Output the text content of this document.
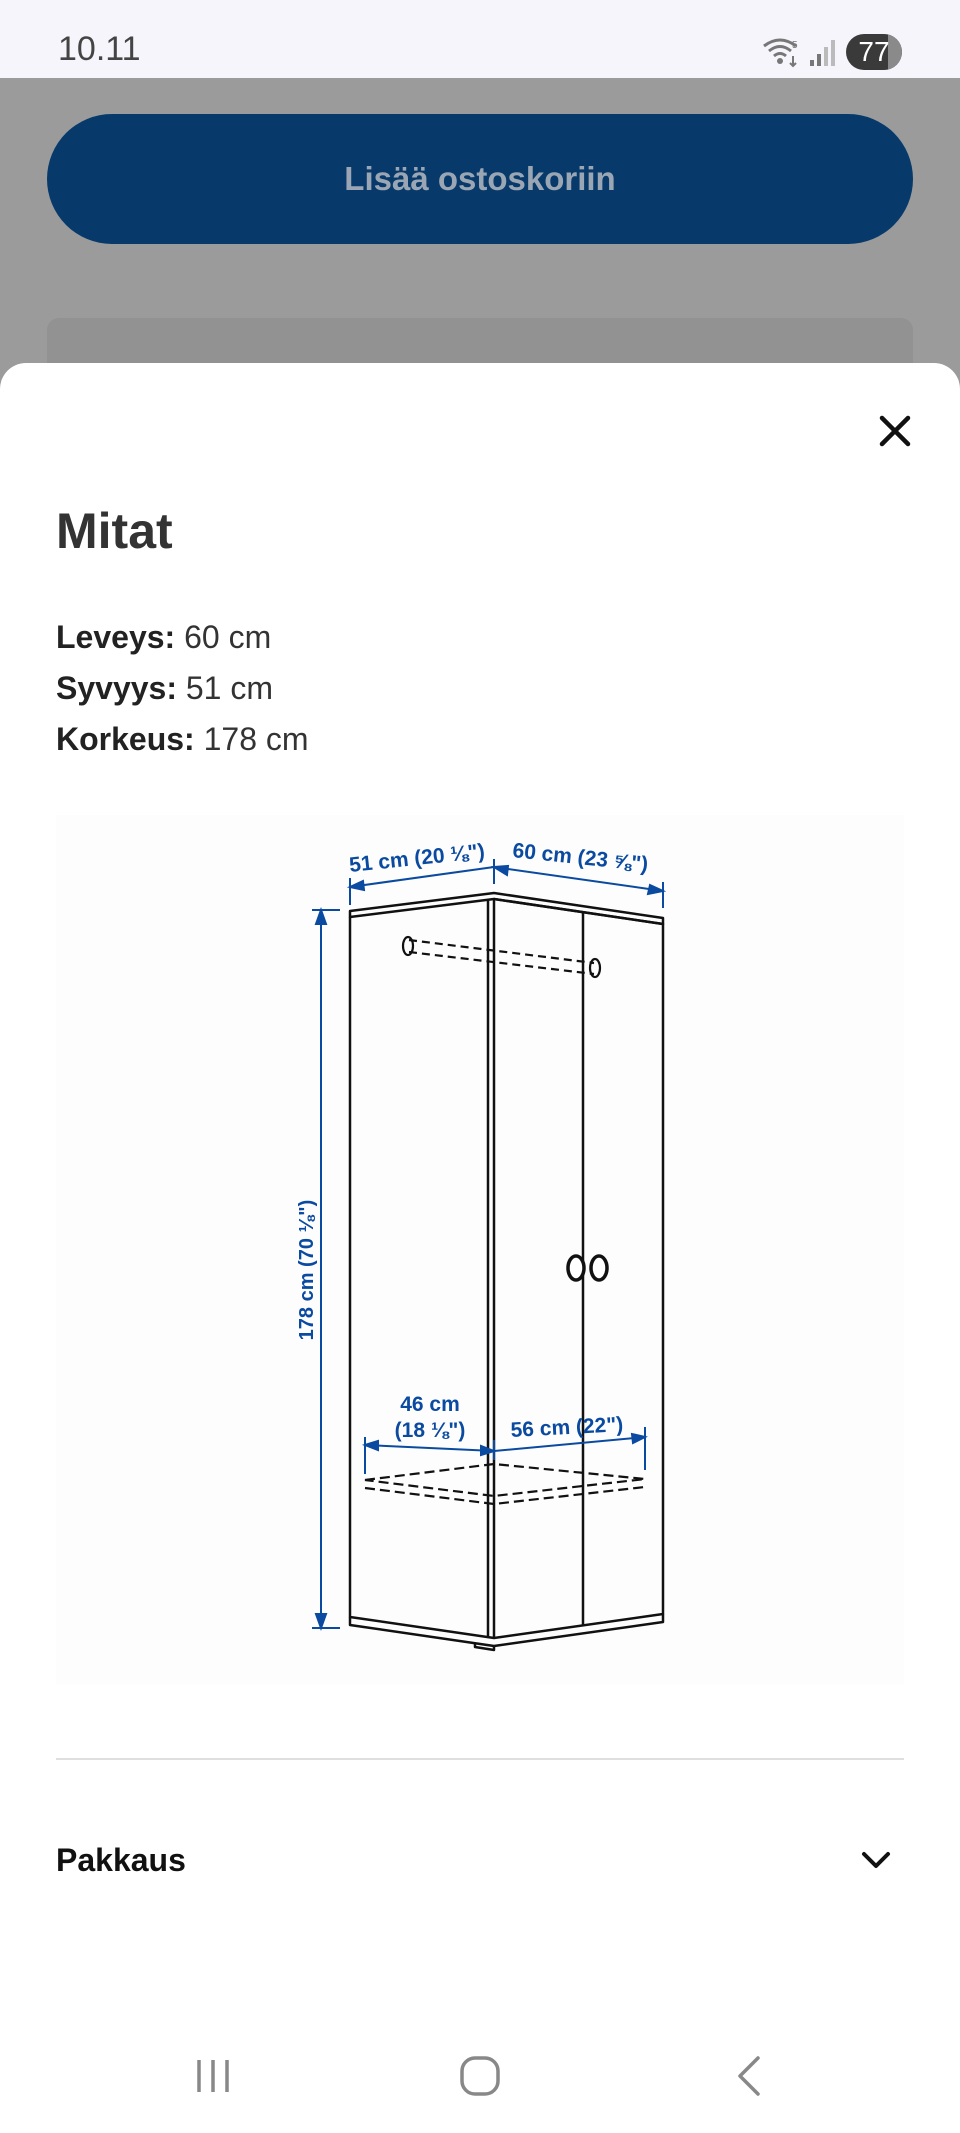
10.11	5	77
Lisää ostoskoriin
Mitat
Leveys: 60 cm
Syvyys: 51 cm
Korkeus: 178 cm
51 cm (20 ⅛") 60 cm (23 ⅝")
178 cm (70 ⅛")
46 cm
(18 ⅛") 56 cm (22")
Pakkaus
